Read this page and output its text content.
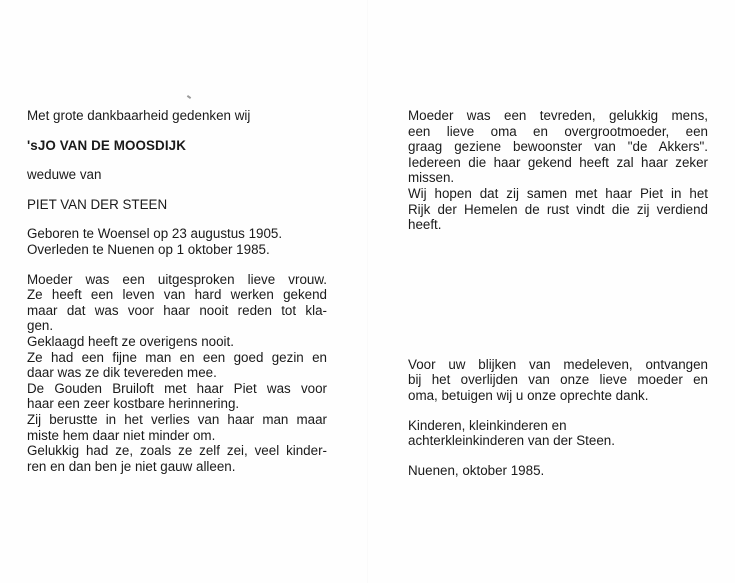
Met grote dankbaarheid gedenken wij
'sJO VAN DE MOOSDIJK
weduwe van
PIET VAN DER STEEN
Geboren te Woensel op 23 augustus 1905.
Overleden te Nuenen op 1 oktober 1985.
Moeder was een uitgesproken lieve vrouw.
Ze heeft een leven van hard werken gekend
maar dat was voor haar nooit reden tot kla-
gen.
Geklaagd heeft ze overigens nooit.
Ze had een fijne man en een goed gezin en
daar was ze dik tevereden mee.
De Gouden Bruiloft met haar Piet was voor
haar een zeer kostbare herinnering.
Zij berustte in het verlies van haar man maar
miste hem daar niet minder om.
Gelukkig had ze, zoals ze zelf zei, veel kinder-
ren en dan ben je niet gauw alleen.
Moeder was een tevreden, gelukkig mens,
een lieve oma en overgrootmoeder, een
graag geziene bewoonster van "de Akkers".
Iedereen die haar gekend heeft zal haar zeker
missen.
Wij hopen dat zij samen met haar Piet in het
Rijk der Hemelen de rust vindt die zij verdiend
heeft.
Voor uw blijken van medeleven, ontvangen
bij het overlijden van onze lieve moeder en
oma, betuigen wij u onze oprechte dank.
Kinderen, kleinkinderen en
achterkleinkinderen van der Steen.
Nuenen, oktober 1985.
